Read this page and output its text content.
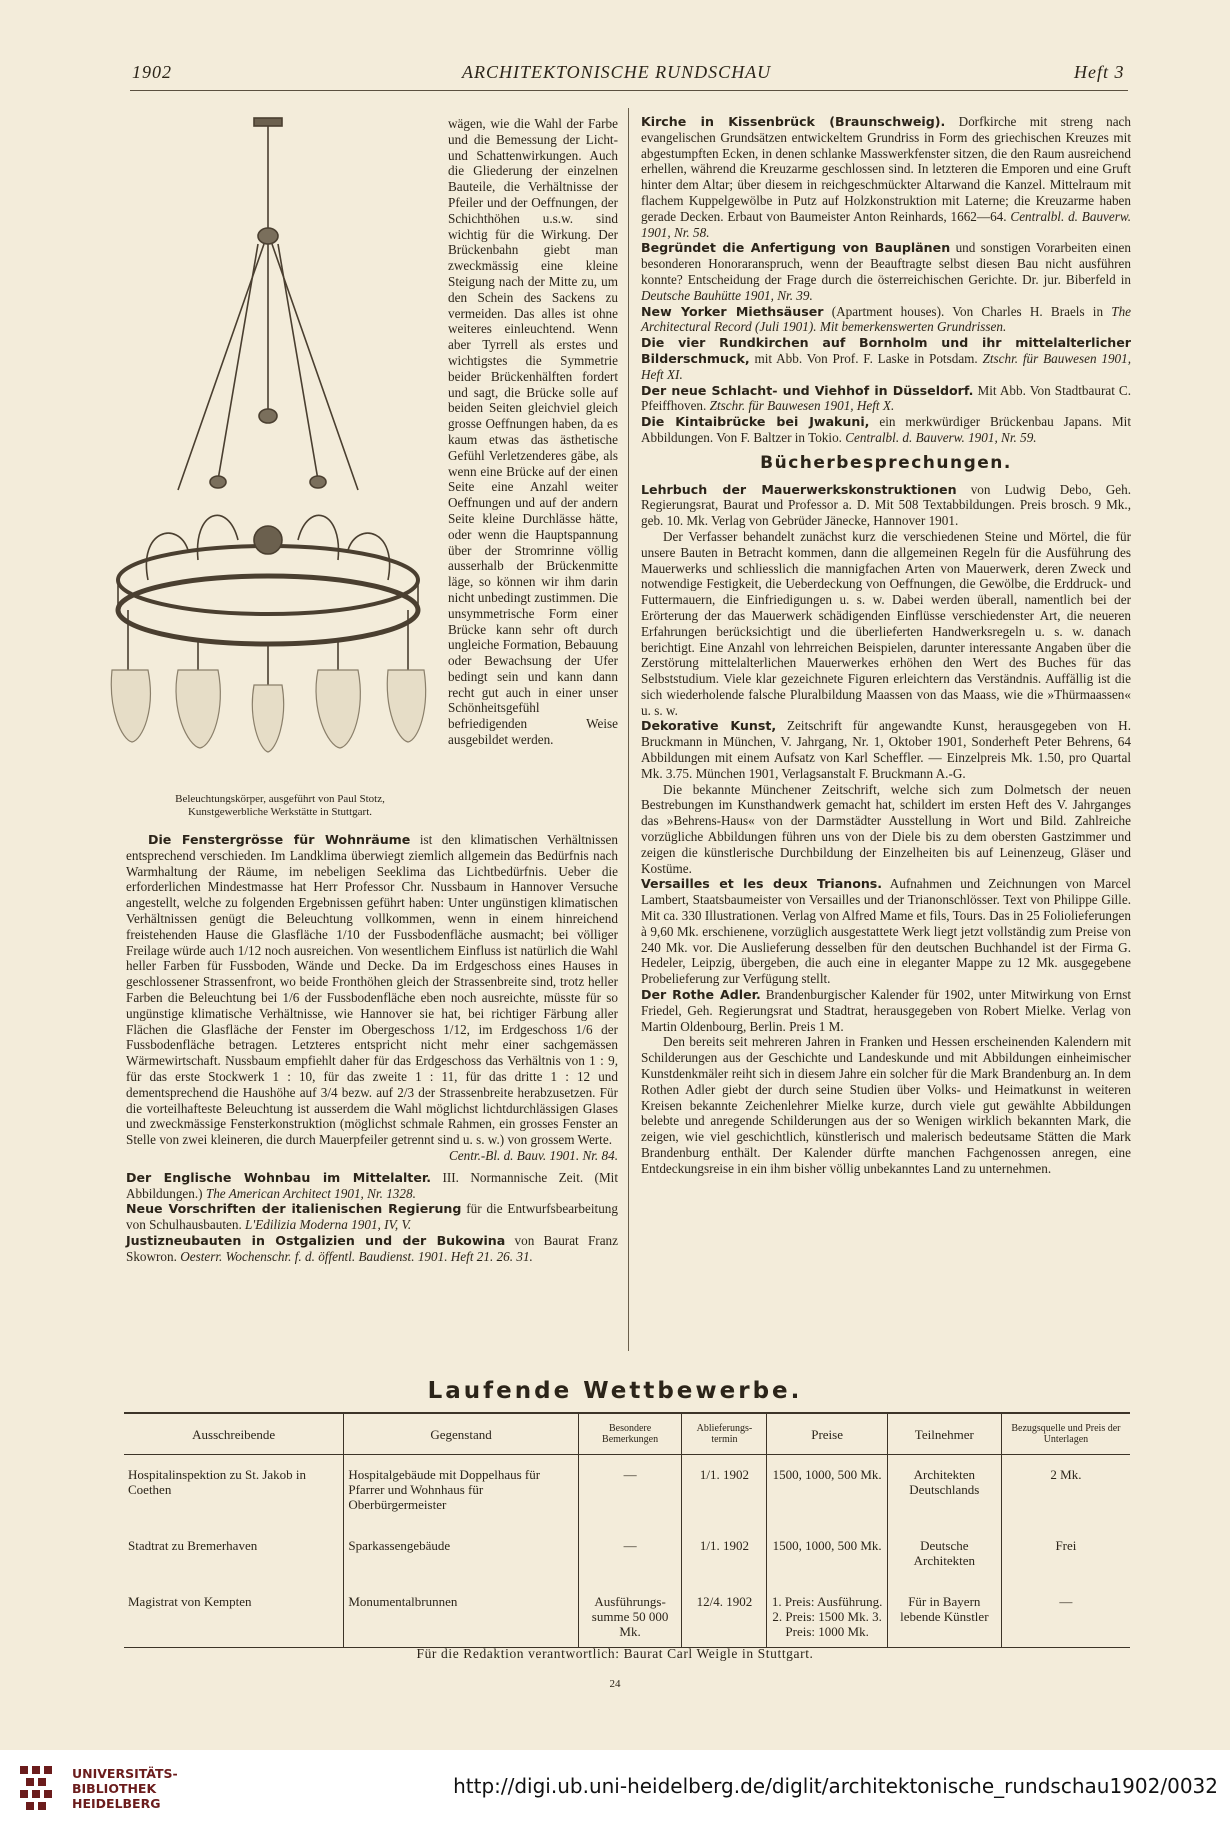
1902	ARCHITEKTONISCHE RUNDSCHAU	Heft 3
Beleuchtungskörper, ausgeführt von Paul Stotz, Kunstgewerbliche Werkstätte in Stuttgart.
wägen, wie die Wahl der Farbe und die Bemessung der Licht- und Schattenwirkungen. Auch die Gliederung der einzelnen Bauteile, die Verhältnisse der Pfeiler und der Oeffnungen, der Schichthöhen u.s.w. sind wichtig für die Wirkung. Der Brückenbahn giebt man zweckmässig eine kleine Steigung nach der Mitte zu, um den Schein des Sackens zu vermeiden. Das alles ist ohne weiteres einleuchtend. Wenn aber Tyrrell als erstes und wichtigstes die Symmetrie beider Brückenhälften fordert und sagt, die Brücke solle auf beiden Seiten gleichviel gleich grosse Oeffnungen haben, da es kaum etwas das ästhetische Gefühl Verletzenderes gäbe, als wenn eine Brücke auf der einen Seite eine Anzahl weiter Oeffnungen und auf der andern Seite kleine Durchlässe hätte, oder wenn die Hauptspannung über der Stromrinne völlig ausserhalb der Brückenmitte läge, so können wir ihm darin nicht unbedingt zustimmen. Die unsymmetrische Form einer Brücke kann sehr oft durch ungleiche Formation, Bebauung oder Bewachsung der Ufer bedingt sein und kann dann recht gut auch in einer unser Schönheitsgefühl befriedigenden Weise ausgebildet werden.

Die Fenstergrösse für Wohnräume ist den klimatischen Verhältnissen entsprechend verschieden. Im Landklima überwiegt ziemlich allgemein das Bedürfnis nach Warmhaltung der Räume, im nebeligen Seeklima das Lichtbedürfnis. Ueber die erforderlichen Mindestmasse hat Herr Professor Chr. Nussbaum in Hannover Versuche angestellt, welche zu folgenden Ergebnissen geführt haben: Unter ungünstigen klimatischen Verhältnissen genügt die Beleuchtung vollkommen, wenn in einem hinreichend freistehenden Hause die Glasfläche 1/10 der Fussbodenfläche ausmacht; bei völliger Freilage würde auch 1/12 noch ausreichen. Von wesentlichem Einfluss ist natürlich die Wahl heller Farben für Fussboden, Wände und Decke. Da im Erdgeschoss eines Hauses in geschlossener Strassenfront, wo beide Fronthöhen gleich der Strassenbreite sind, trotz heller Farben die Beleuchtung bei 1/6 der Fussbodenfläche eben noch ausreichte, müsste für so ungünstige klimatische Verhältnisse, wie Hannover sie hat, bei richtiger Färbung aller Flächen die Glasfläche der Fenster im Obergeschoss 1/12, im Erdgeschoss 1/6 der Fussbodenfläche betragen. Letzteres entspricht nicht mehr einer sachgemässen Wärmewirtschaft. Nussbaum empfiehlt daher für das Erdgeschoss das Verhältnis von 1 : 9, für das erste Stockwerk 1 : 10, für das zweite 1 : 11, für das dritte 1 : 12 und dementsprechend die Haushöhe auf 3/4 bezw. auf 2/3 der Strassenbreite herabzusetzen. Für die vorteilhafteste Beleuchtung ist ausserdem die Wahl möglichst lichtdurchlässigen Glases und zweckmässige Fensterkonstruktion (möglichst schmale Rahmen, ein grosses Fenster an Stelle von zwei kleineren, die durch Mauerpfeiler getrennt sind u. s. w.) von grossem Werte.

Centr.-Bl. d. Bauv. 1901. Nr. 84.

Der Englische Wohnbau im Mittelalter. III. Normannische Zeit. (Mit Abbildungen.) The American Architect 1901, Nr. 1328.

Neue Vorschriften der italienischen Regierung für die Entwurfsbearbeitung von Schulhausbauten. L'Edilizia Moderna 1901, IV, V.

Justizneubauten in Ostgalizien und der Bukowina von Baurat Franz Skowron. Oesterr. Wochenschr. f. d. öffentl. Baudienst. 1901. Heft 21. 26. 31.

Kirche in Kissenbrück (Braunschweig). Dorfkirche mit streng nach evangelischen Grundsätzen entwickeltem Grundriss in Form des griechischen Kreuzes mit abgestumpften Ecken, in denen schlanke Masswerkfenster sitzen, die den Raum ausreichend erhellen, während die Kreuzarme geschlossen sind. In letzteren die Emporen und eine Gruft hinter dem Altar; über diesem in reichgeschmückter Altarwand die Kanzel. Mittelraum mit flachem Kuppelgewölbe in Putz auf Holzkonstruktion mit Laterne; die Kreuzarme haben gerade Decken. Erbaut von Baumeister Anton Reinhards, 1662—64. Centralbl. d. Bauverw. 1901, Nr. 58.

Begründet die Anfertigung von Bauplänen und sonstigen Vorarbeiten einen besonderen Honoraranspruch, wenn der Beauftragte selbst diesen Bau nicht ausführen konnte? Entscheidung der Frage durch die österreichischen Gerichte. Dr. jur. Biberfeld in Deutsche Bauhütte 1901, Nr. 39.

New Yorker Miethsäuser (Apartment houses). Von Charles H. Braels in The Architectural Record (Juli 1901). Mit bemerkenswerten Grundrissen.

Die vier Rundkirchen auf Bornholm und ihr mittelalterlicher Bilderschmuck, mit Abb. Von Prof. F. Laske in Potsdam. Ztschr. für Bauwesen 1901, Heft XI.

Der neue Schlacht- und Viehhof in Düsseldorf. Mit Abb. Von Stadtbaurat C. Pfeiffhoven. Ztschr. für Bauwesen 1901, Heft X.

Die Kintaibrücke bei Jwakuni, ein merkwürdiger Brückenbau Japans. Mit Abbildungen. Von F. Baltzer in Tokio. Centralbl. d. Bauverw. 1901, Nr. 59.

Bücherbesprechungen.

Lehrbuch der Mauerwerkskonstruktionen von Ludwig Debo, Geh. Regierungsrat, Baurat und Professor a. D. Mit 508 Textabbildungen. Preis brosch. 9 Mk., geb. 10. Mk. Verlag von Gebrüder Jänecke, Hannover 1901.

Der Verfasser behandelt zunächst kurz die verschiedenen Steine und Mörtel, die für unsere Bauten in Betracht kommen, dann die allgemeinen Regeln für die Ausführung des Mauerwerks und schliesslich die mannigfachen Arten von Mauerwerk, deren Zweck und notwendige Festigkeit, die Ueberdeckung von Oeffnungen, die Gewölbe, die Erddruck- und Futtermauern, die Einfriedigungen u. s. w. Dabei werden überall, namentlich bei der Erörterung der das Mauerwerk schädigenden Einflüsse verschiedenster Art, die neueren Erfahrungen berücksichtigt und die überlieferten Handwerksregeln u. s. w. danach berichtigt. Eine Anzahl von lehrreichen Beispielen, darunter interessante Angaben über die Zerstörung mittelalterlichen Mauerwerkes erhöhen den Wert des Buches für das Selbststudium. Viele klar gezeichnete Figuren erleichtern das Verständnis. Auffällig ist die sich wiederholende falsche Pluralbildung Maassen von das Maass, wie die »Thürmaassen« u. s. w.

Dekorative Kunst, Zeitschrift für angewandte Kunst, herausgegeben von H. Bruckmann in München, V. Jahrgang, Nr. 1, Oktober 1901, Sonderheft Peter Behrens, 64 Abbildungen mit einem Aufsatz von Karl Scheffler. — Einzelpreis Mk. 1.50, pro Quartal Mk. 3.75. München 1901, Verlagsanstalt F. Bruckmann A.-G.

Die bekannte Münchener Zeitschrift, welche sich zum Dolmetsch der neuen Bestrebungen im Kunsthandwerk gemacht hat, schildert im ersten Heft des V. Jahrganges das »Behrens-Haus« von der Darmstädter Ausstellung in Wort und Bild. Zahlreiche vorzügliche Abbildungen führen uns von der Diele bis zu dem obersten Gastzimmer und zeigen die künstlerische Durchbildung der Einzelheiten bis auf Leinenzeug, Gläser und Kostüme.

Versailles et les deux Trianons. Aufnahmen und Zeichnungen von Marcel Lambert, Staatsbaumeister von Versailles und der Trianonschlösser. Text von Philippe Gille. Mit ca. 330 Illustrationen. Verlag von Alfred Mame et fils, Tours. Das in 25 Foliolieferungen à 9,60 Mk. erschienene, vorzüglich ausgestattete Werk liegt jetzt vollständig zum Preise von 240 Mk. vor. Die Auslieferung desselben für den deutschen Buchhandel ist der Firma G. Hedeler, Leipzig, übergeben, die auch eine in eleganter Mappe zu 12 Mk. ausgegebene Probelieferung zur Verfügung stellt.

Der Rothe Adler. Brandenburgischer Kalender für 1902, unter Mitwirkung von Ernst Friedel, Geh. Regierungsrat und Stadtrat, herausgegeben von Robert Mielke. Verlag von Martin Oldenbourg, Berlin. Preis 1 M.

Den bereits seit mehreren Jahren in Franken und Hessen erscheinenden Kalendern mit Schilderungen aus der Geschichte und Landeskunde und mit Abbildungen einheimischer Kunstdenkmäler reiht sich in diesem Jahre ein solcher für die Mark Brandenburg an. In dem Rothen Adler giebt der durch seine Studien über Volks- und Heimatkunst in weiteren Kreisen bekannte Zeichenlehrer Mielke kurze, durch viele gut gewählte Abbildungen belebte und anregende Schilderungen aus der so Wenigen wirklich bekannten Mark, die zeigen, wie viel geschichtlich, künstlerisch und malerisch bedeutsame Stätten die Mark Brandenburg enthält. Der Kalender dürfte manchen Fachgenossen anregen, eine Entdeckungsreise in ein ihm bisher völlig unbekanntes Land zu unternehmen.

Laufende Wettbewerbe.
Ausschreibende	Gegenstand	Besondere Bemerkungen	Ablieferungs-termin	Preise	Teilnehmer	Bezugsquelle und Preis der Unterlagen
Hospitalinspektion zu St. Jakob in Coethen	Hospitalgebäude mit Doppelhaus für Pfarrer und Wohnhaus für Oberbürgermeister	—	1/1. 1902	1500, 1000, 500 Mk.	Architekten Deutschlands	2 Mk.
Stadtrat zu Bremerhaven	Sparkassengebäude	—	1/1. 1902	1500, 1000, 500 Mk.	Deutsche Architekten	Frei
Magistrat von Kempten	Monumentalbrunnen	Ausführungs-summe 50 000 Mk.	12/4. 1902	1. Preis: Ausführung. 2. Preis: 1500 Mk. 3. Preis: 1000 Mk.	Für in Bayern lebende Künstler	—
Für die Redaktion verantwortlich: Baurat Carl Weigle in Stuttgart.
24
UNIVERSITÄTS-
BIBLIOTHEK
HEIDELBERG
http://digi.ub.uni-heidelberg.de/diglit/architektonische_rundschau1902/0032
